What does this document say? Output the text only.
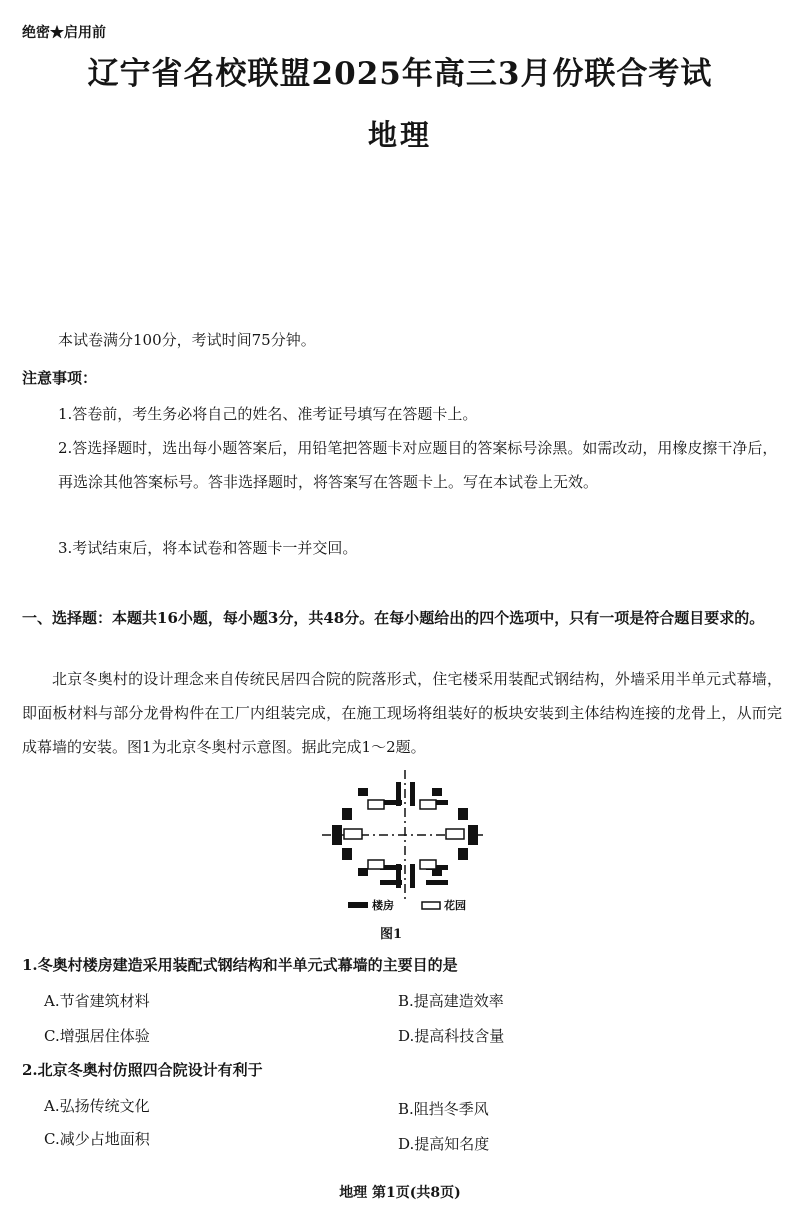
绝密★启用前
辽宁省名校联盟2025年高三3月份联合考试
地理
本试卷满分100分，考试时间75分钟。
注意事项：
1.答卷前，考生务必将自己的姓名、准考证号填写在答题卡上。
2.答选择题时，选出每小题答案后，用铅笔把答题卡对应题目的答案标号涂黑。如需改动，用橡皮擦干净后，再选涂其他答案标号。答非选择题时，将答案写在答题卡上。写在本试卷上无效。
3.考试结束后，将本试卷和答题卡一并交回。
一、选择题：本题共16小题，每小题3分，共48分。在每小题给出的四个选项中，只有一项是符合题目要求的。
北京冬奥村的设计理念来自传统民居四合院的院落形式，住宅楼采用装配式钢结构，外墙采用半单元式幕墙，即面板材料与部分龙骨构件在工厂内组装完成，在施工现场将组装好的板块安装到主体结构连接的龙骨上，从而完成幕墙的安装。图1为北京冬奥村示意图。据此完成1～2题。
楼房	花园
图1
1.冬奥村楼房建造采用装配式钢结构和半单元式幕墙的主要目的是
A.节省建筑材料	B.提高建造效率
C.增强居住体验	D.提高科技含量
2.北京冬奥村仿照四合院设计有利于
A.弘扬传统文化	B.阻挡冬季风
C.减少占地面积	D.提高知名度
地理 第1页(共8页)
